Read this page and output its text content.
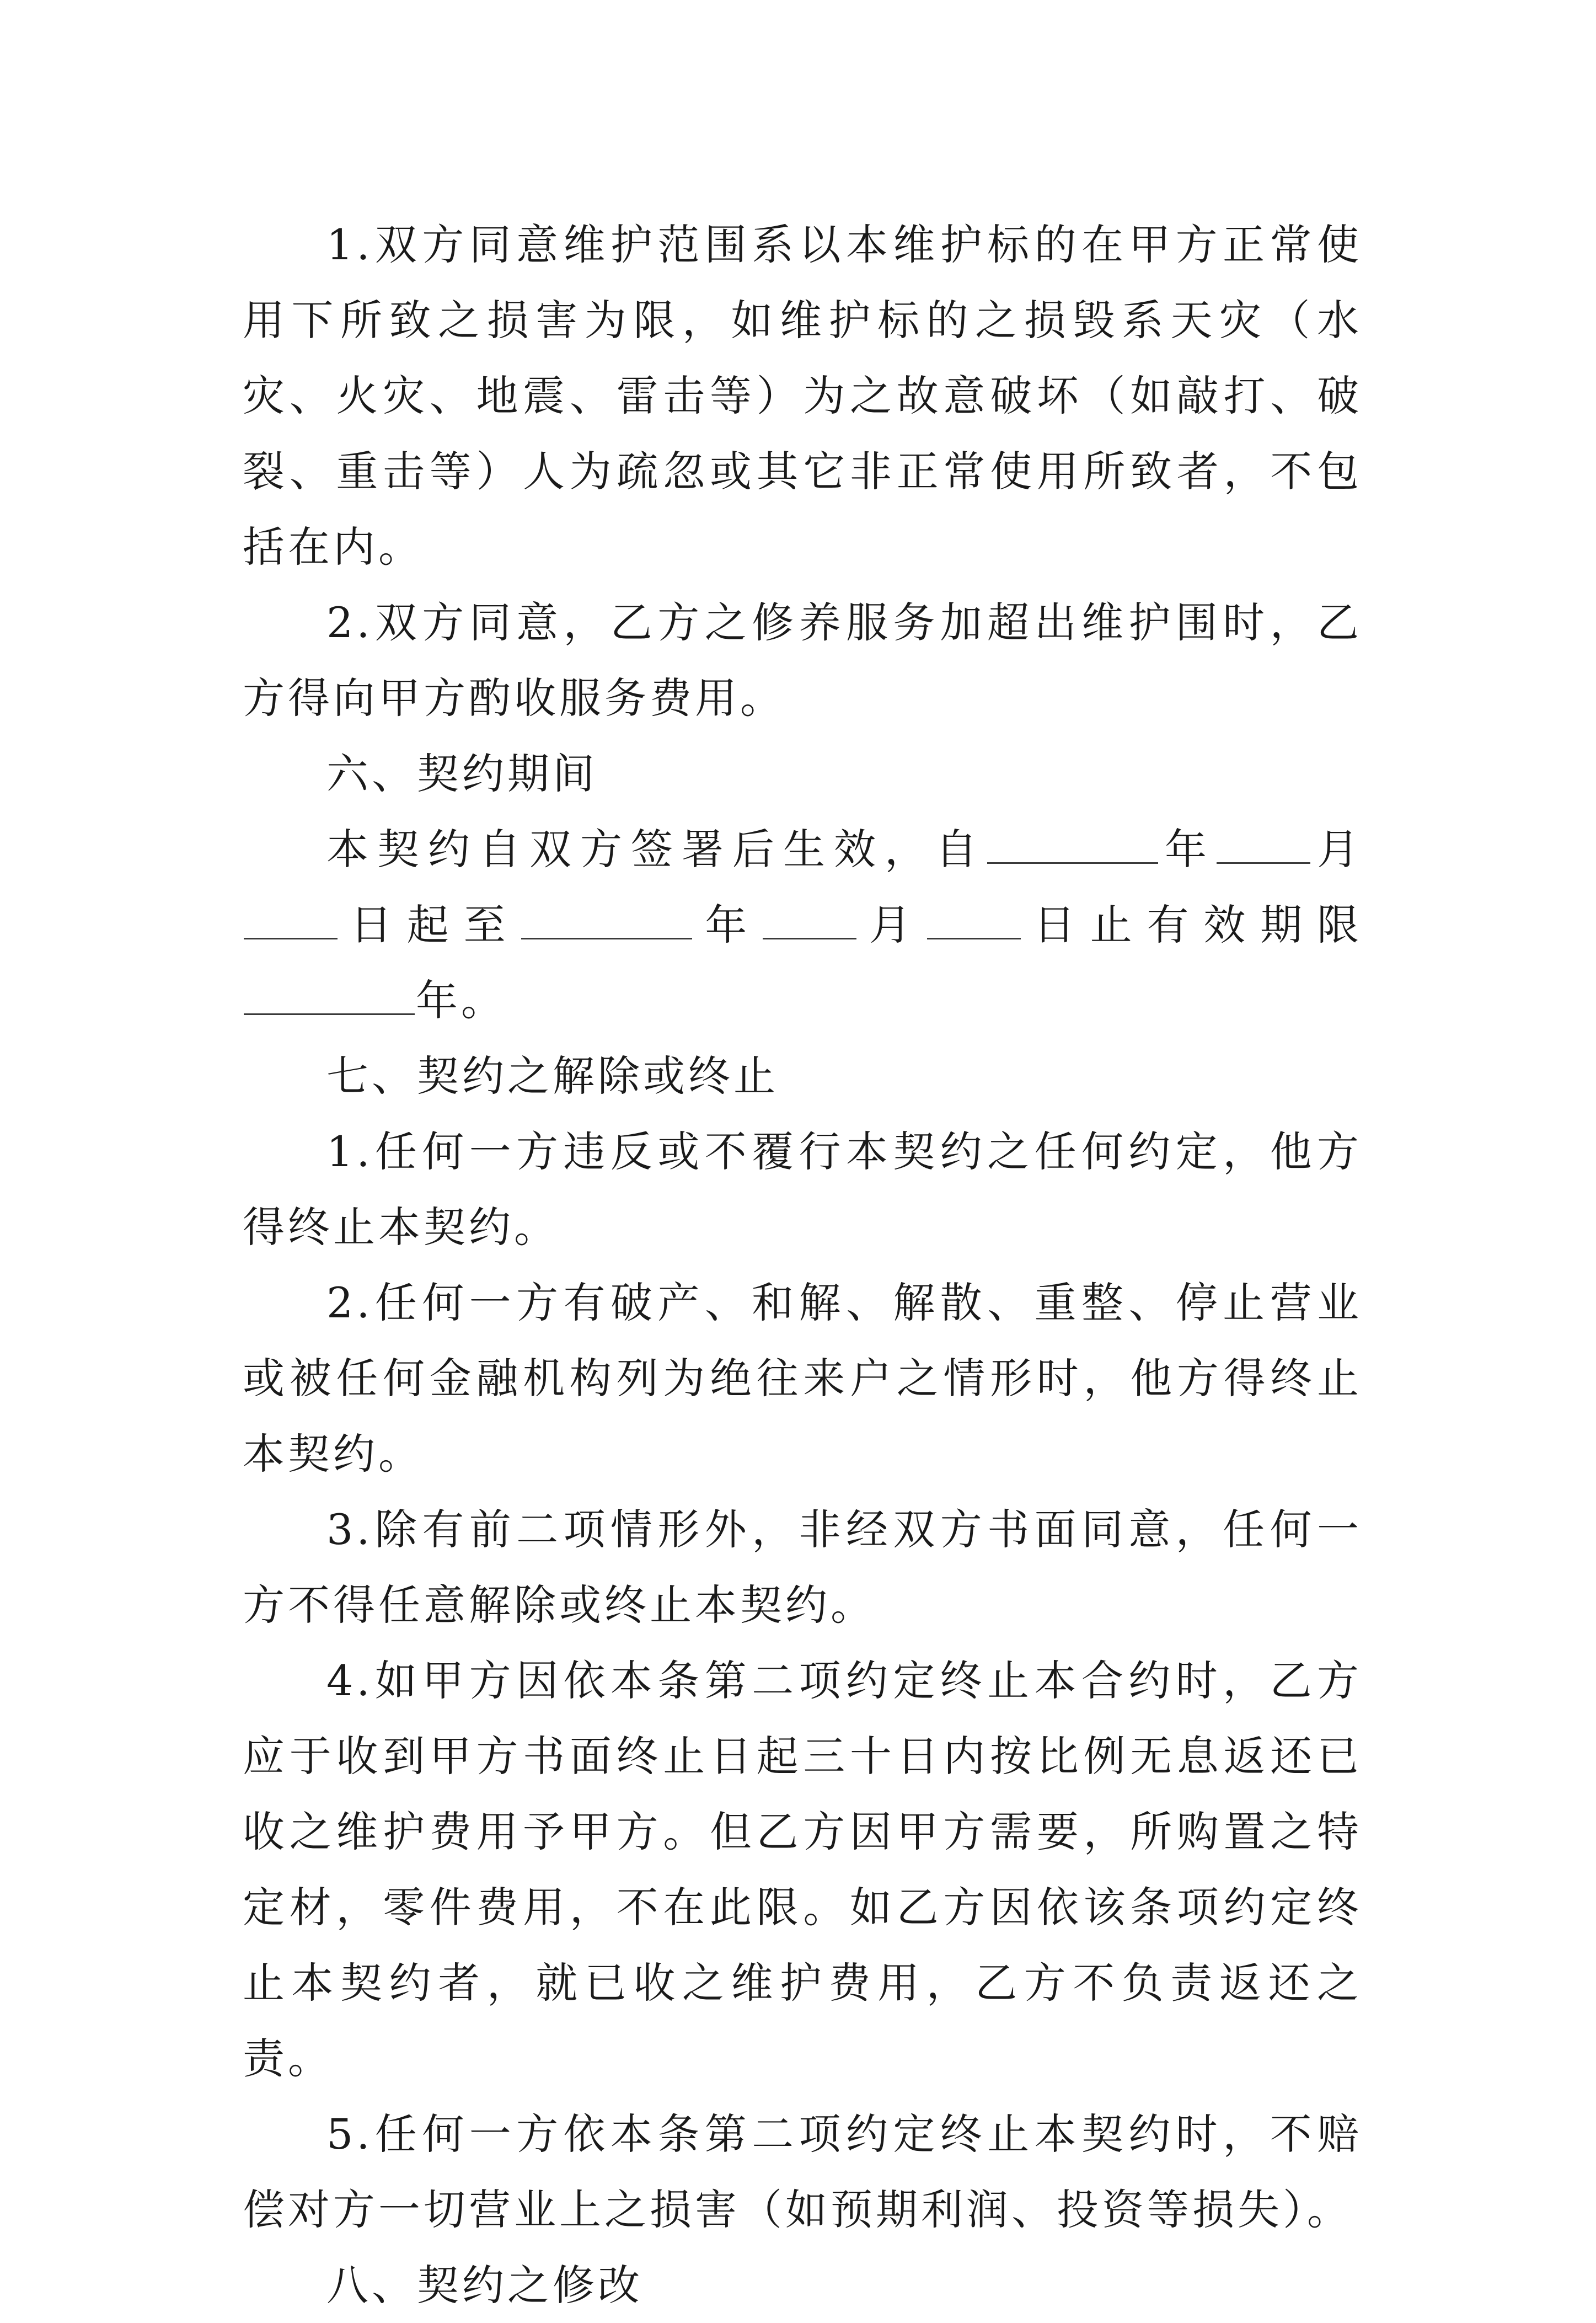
1.双方同意维护范围系以本维护标的在甲方正常使用下所致之损害为限，如维护标的之损毁系天灾（水灾、火灾、地震、雷击等）为之故意破坏（如敲打、破裂、重击等）人为疏忽或其它非正常使用所致者，不包括在内。

2.双方同意，乙方之修养服务加超出维护围时，乙方得向甲方酌收服务费用。

六、契约期间

本契约自双方签署后生效，自	年 月日起至	年 月 日止有效期限年。

七、契约之解除或终止

1.任何一方违反或不覆行本契约之任何约定，他方得终止本契约。

2.任何一方有破产、和解、解散、重整、停止营业或被任何金融机构列为绝往来户之情形时，他方得终止本契约。

3.除有前二项情形外，非经双方书面同意，任何一方不得任意解除或终止本契约。

4.如甲方因依本条第二项约定终止本合约时，乙方应于收到甲方书面终止日起三十日内按比例无息返还已收之维护费用予甲方。但乙方因甲方需要，所购置之特定材，零件费用，不在此限。如乙方因依该条项约定终止本契约者，就已收之维护费用，乙方不负责返还之责。

5.任何一方依本条第二项约定终止本契约时，不赔偿对方一切营业上之损害（如预期利润、投资等损失）。

八、契约之修改
